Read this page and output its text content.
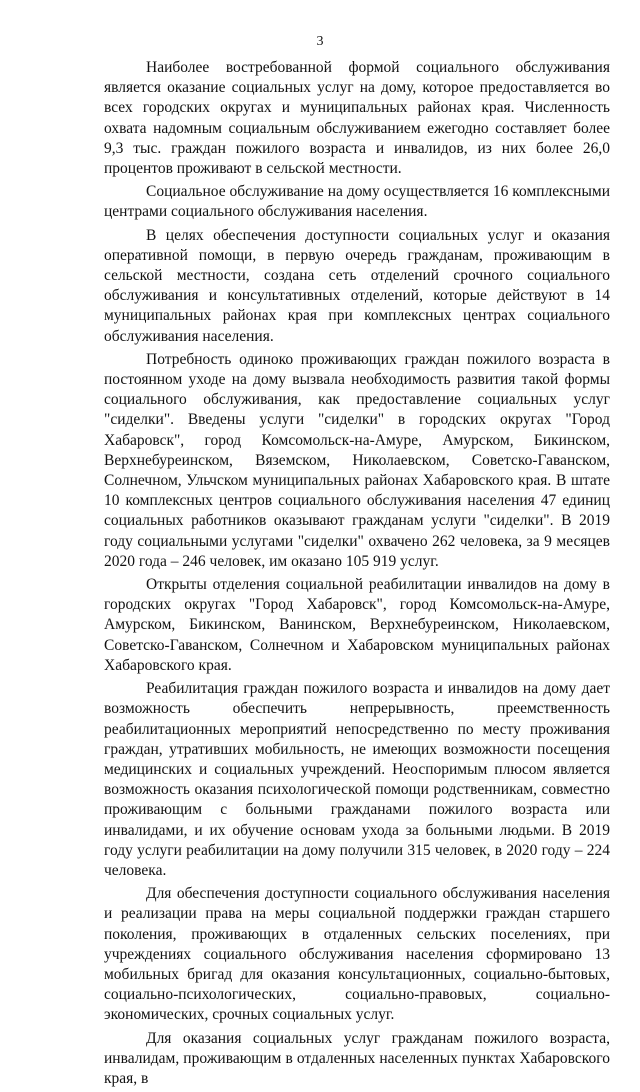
3

Наиболее востребованной формой социального обслуживания является оказание социальных услуг на дому, которое предоставляется во всех городских округах и муниципальных районах края. Численность охвата надомным социальным обслуживанием ежегодно составляет более 9,3 тыс. граждан пожилого возраста и инвалидов, из них более 26,0 процентов проживают в сельской местности.

Социальное обслуживание на дому осуществляется 16 комплексными центрами социального обслуживания населения.

В целях обеспечения доступности социальных услуг и оказания оперативной помощи, в первую очередь гражданам, проживающим в сельской местности, создана сеть отделений срочного социального обслуживания и консультативных отделений, которые действуют в 14 муниципальных районах края при комплексных центрах социального обслуживания населения.

Потребность одиноко проживающих граждан пожилого возраста в постоянном уходе на дому вызвала необходимость развития такой формы социального обслуживания, как предоставление социальных услуг "сиделки". Введены услуги "сиделки" в городских округах "Город Хабаровск", город Комсомольск-на-Амуре, Амурском, Бикинском, Верхнебуреинском, Вяземском, Николаевском, Советско-Гаванском, Солнечном, Ульчском муниципальных районах Хабаровского края. В штате 10 комплексных центров социального обслуживания населения 47 единиц социальных работников оказывают гражданам услуги "сиделки". В 2019 году социальными услугами "сиделки" охвачено 262 человека, за 9 месяцев 2020 года – 246 человек, им оказано 105 919 услуг.

Открыты отделения социальной реабилитации инвалидов на дому в городских округах "Город Хабаровск", город Комсомольск-на-Амуре, Амурском, Бикинском, Ванинском, Верхнебуреинском, Николаевском, Советско-Гаванском, Солнечном и Хабаровском муниципальных районах Хабаровского края.

Реабилитация граждан пожилого возраста и инвалидов на дому дает возможность обеспечить непрерывность, преемственность реабилитационных мероприятий непосредственно по месту проживания граждан, утративших мобильность, не имеющих возможности посещения медицинских и социальных учреждений. Неоспоримым плюсом является возможность оказания психологической помощи родственникам, совместно проживающим с больными гражданами пожилого возраста или инвалидами, и их обучение основам ухода за больными людьми. В 2019 году услуги реабилитации на дому получили 315 человек, в 2020 году – 224 человека.

Для обеспечения доступности социального обслуживания населения и реализации права на меры социальной поддержки граждан старшего поколения, проживающих в отдаленных сельских поселениях, при учреждениях социального обслуживания населения сформировано 13 мобильных бригад для оказания консультационных, социально-бытовых, социально-психологических, социально-правовых, социально-экономических, срочных социальных услуг.

Для оказания социальных услуг гражданам пожилого возраста, инвалидам, проживающим в отдаленных населенных пунктах Хабаровского края, в
